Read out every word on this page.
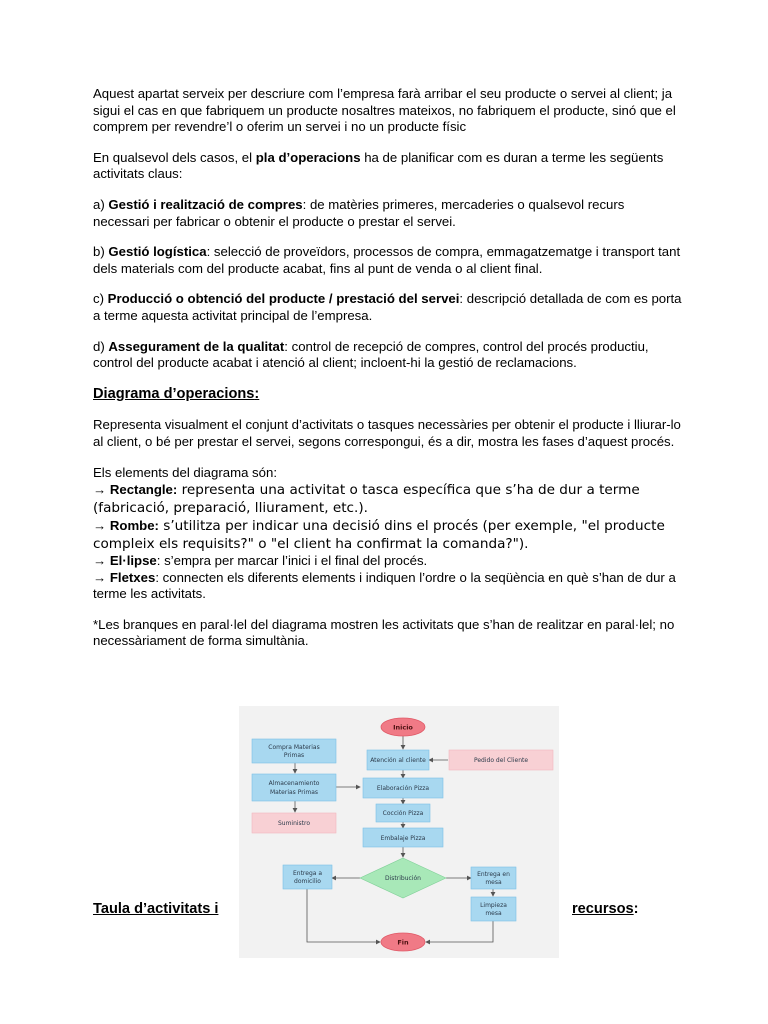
Aquest apartat serveix per descriure com l’empresa farà arribar el seu producte o servei al client; ja sigui el cas en que fabriquem un producte nosaltres mateixos, no fabriquem el producte, sinó que el comprem per revendre’l o oferim un servei i no un producte físic

En qualsevol dels casos, el pla d’operacions ha de planificar com es duran a terme les següents activitats claus:

a) Gestió i realització de compres: de matèries primeres, mercaderies o qualsevol recurs necessari per fabricar o obtenir el producte o prestar el servei.

b) Gestió logística: selecció de proveïdors, processos de compra, emmagatzematge i transport tant dels materials com del producte acabat, fins al punt de venda o al client final.

c) Producció o obtenció del producte / prestació del servei: descripció detallada de com es porta a terme aquesta activitat principal de l’empresa.

d) Assegurament de la qualitat: control de recepció de compres, control del procés productiu, control del producte acabat i atenció al client; incloent-hi la gestió de reclamacions.

Diagrama d’operacions:

Representa visualment el conjunt d’activitats o tasques necessàries per obtenir el producte i lliurar-lo al client, o bé per prestar el servei, segons correspongui, és a dir, mostra les fases d’aquest procés.

Els elements del diagrama són:

→ Rectangle: representa una activitat o tasca específica que s’ha de dur a terme (fabricació, preparació, lliurament, etc.).

→ Rombe: s’utilitza per indicar una decisió dins el procés (per exemple, "el producte compleix els requisits?" o "el client ha confirmat la comanda?").

→ El·lipse: s’empra per marcar l’inici i el final del procés.

→ Fletxes: connecten els diferents elements i indiquen l’ordre o la seqüència en què s’han de dur a terme les activitats.

*Les branques en paral·lel del diagrama mostren les activitats que s’han de realitzar en paral·lel; no necessàriament de forma simultània.

Inicio
Atención al cliente	Pedido del Cliente
Elaboración Pizza
Cocción Pizza
Embalaje Pizza
Compra Materias
Primas
Almacenamiento
Materias Primas
Suministro
Distribución
Entrega a
domicilio
Entrega en
mesa
Limpieza
mesa
Fin
Taula d’activitats i	recursos:
